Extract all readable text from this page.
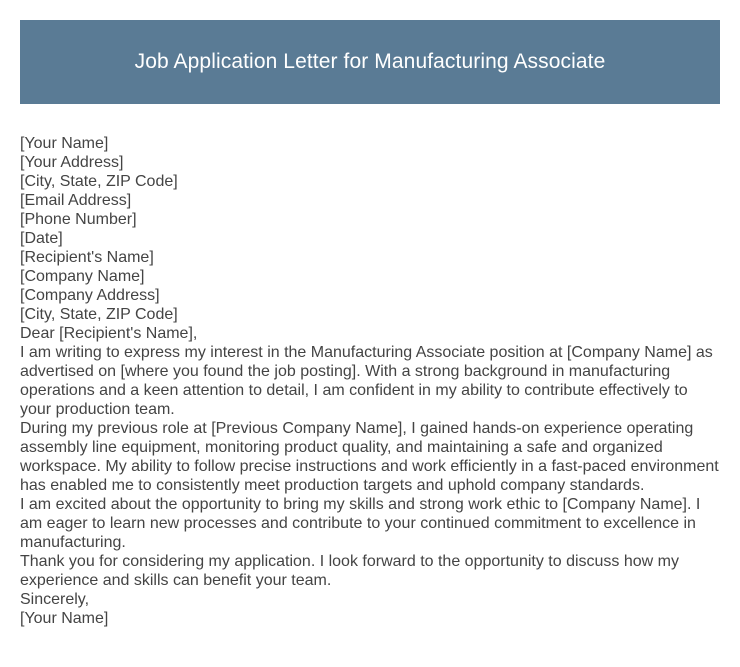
Job Application Letter for Manufacturing Associate
[Your Name]
[Your Address]
[City, State, ZIP Code]
[Email Address]
[Phone Number]
[Date]
[Recipient's Name]
[Company Name]
[Company Address]
[City, State, ZIP Code]
Dear [Recipient's Name],

I am writing to express my interest in the Manufacturing Associate position at [Company Name] as advertised on [where you found the job posting]. With a strong background in manufacturing operations and a keen attention to detail, I am confident in my ability to contribute effectively to your production team.

During my previous role at [Previous Company Name], I gained hands-on experience operating assembly line equipment, monitoring product quality, and maintaining a safe and organized workspace. My ability to follow precise instructions and work efficiently in a fast-paced environment has enabled me to consistently meet production targets and uphold company standards.

I am excited about the opportunity to bring my skills and strong work ethic to [Company Name]. I am eager to learn new processes and contribute to your continued commitment to excellence in manufacturing.

Thank you for considering my application. I look forward to the opportunity to discuss how my experience and skills can benefit your team.

Sincerely,
[Your Name]
